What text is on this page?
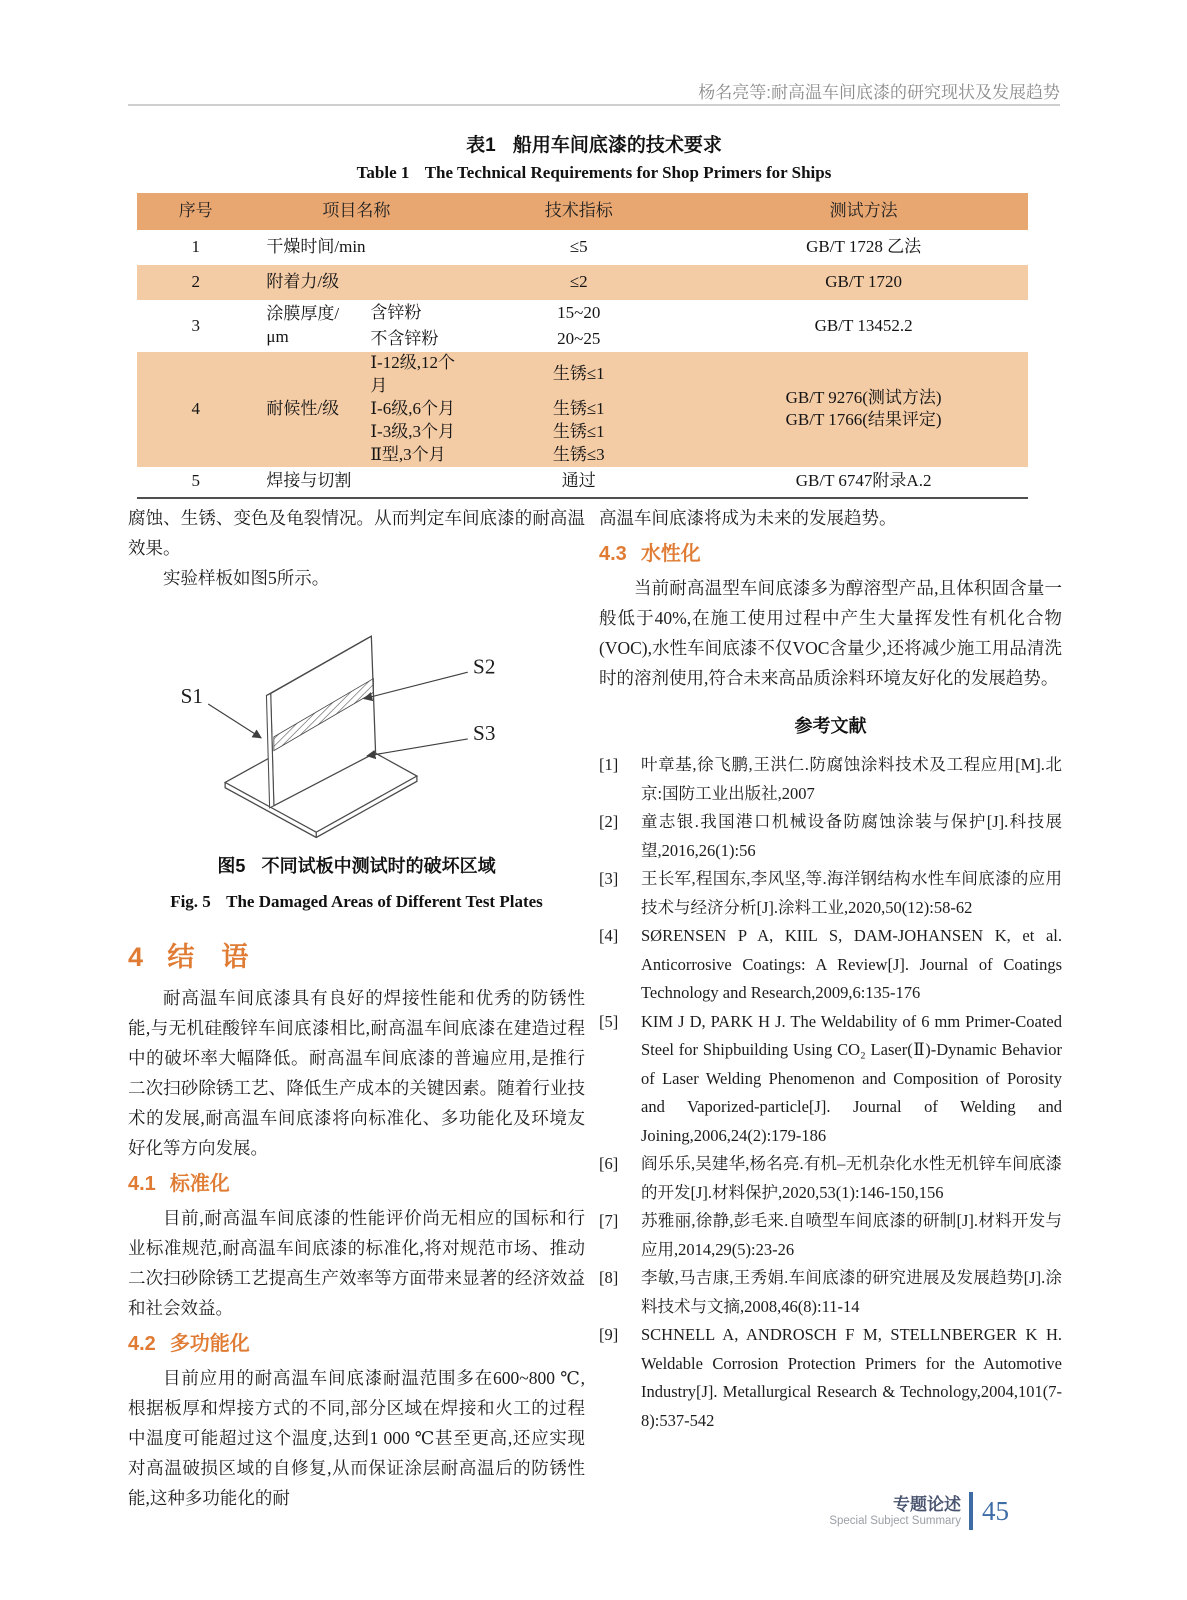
杨名亮等:耐高温车间底漆的研究现状及发展趋势
表1 船用车间底漆的技术要求
Table 1 The Technical Requirements for Shop Primers for Ships
序号	项目名称		技术指标	测试方法
1	干燥时间/min		≤5	GB/T 1728 乙法
2	附着力/级		≤2	GB/T 1720
3	涂膜厚度/μm	含锌粉	15~20	GB/T 13452.2
		不含锌粉	20~25	
4	耐候性/级	Ⅰ-12级,12个月	生锈≤1	GB/T 9276(测试方法)
GB/T 1766(结果评定)

		Ⅰ-6级,6个月	生锈≤1	
		Ⅰ-3级,3个月	生锈≤1	
		Ⅱ型,3个月	生锈≤3	
5	焊接与切割		通过	GB/T 6747附录A.2

腐蚀、生锈、变色及龟裂情况。从而判定车间底漆的耐高温效果。

实验样板如图5所示。

S1
S2
S3
图5 不同试板中测试时的破坏区域
Fig. 5 The Damaged Areas of Different Test Plates
4 结　语

耐高温车间底漆具有良好的焊接性能和优秀的防锈性能,与无机硅酸锌车间底漆相比,耐高温车间底漆在建造过程中的破坏率大幅降低。耐高温车间底漆的普遍应用,是推行二次扫砂除锈工艺、降低生产成本的关键因素。随着行业技术的发展,耐高温车间底漆将向标准化、多功能化及环境友好化等方向发展。

4.1 标准化

目前,耐高温车间底漆的性能评价尚无相应的国标和行业标准规范,耐高温车间底漆的标准化,将对规范市场、推动二次扫砂除锈工艺提高生产效率等方面带来显著的经济效益和社会效益。

4.2 多功能化

目前应用的耐高温车间底漆耐温范围多在600~800 ℃,根据板厚和焊接方式的不同,部分区域在焊接和火工的过程中温度可能超过这个温度,达到1 000 ℃甚至更高,还应实现对高温破损区域的自修复,从而保证涂层耐高温后的防锈性能,这种多功能化的耐

高温车间底漆将成为未来的发展趋势。

4.3 水性化

当前耐高温型车间底漆多为醇溶型产品,且体积固含量一般低于40%,在施工使用过程中产生大量挥发性有机化合物(VOC),水性车间底漆不仅VOC含量少,还将减少施工用品清洗时的溶剂使用,符合未来高品质涂料环境友好化的发展趋势。

参考文献
[1]	叶章基,徐飞鹏,王洪仁.防腐蚀涂料技术及工程应用[M].北京:国防工业出版社,2007
[2]	童志银.我国港口机械设备防腐蚀涂装与保护[J].科技展望,2016,26(1):56
[3]	王长军,程国东,李风坚,等.海洋钢结构水性车间底漆的应用技术与经济分析[J].涂料工业,2020,50(12):58-62
[4]	SØRENSEN P A, KIIL S, DAM-JOHANSEN K, et al. Anticorrosive Coatings: A Review[J]. Journal of Coatings Technology and Research,2009,6:135-176
[5]	KIM J D, PARK H J. The Weldability of 6 mm Primer-Coated Steel for Shipbuilding Using CO₂ Laser(Ⅱ)-Dynamic Behavior of Laser Welding Phenomenon and Composition of Porosity and Vaporized-particle[J]. Journal of Welding and Joining,2006,24(2):179-186
[6]	阎乐乐,吴建华,杨名亮.有机–无机杂化水性无机锌车间底漆的开发[J].材料保护,2020,53(1):146-150,156
[7]	苏雅丽,徐静,彭毛来.自喷型车间底漆的研制[J].材料开发与应用,2014,29(5):23-26
[8]	李敏,马吉康,王秀娟.车间底漆的研究进展及发展趋势[J].涂料技术与文摘,2008,46(8):11-14
[9]	SCHNELL A, ANDROSCH F M, STELLNBERGER K H. Weldable Corrosion Protection Primers for the Automotive Industry[J]. Metallurgical Research & Technology,2004,101(7-8):537-542
专题论述
Special Subject Summary 45
